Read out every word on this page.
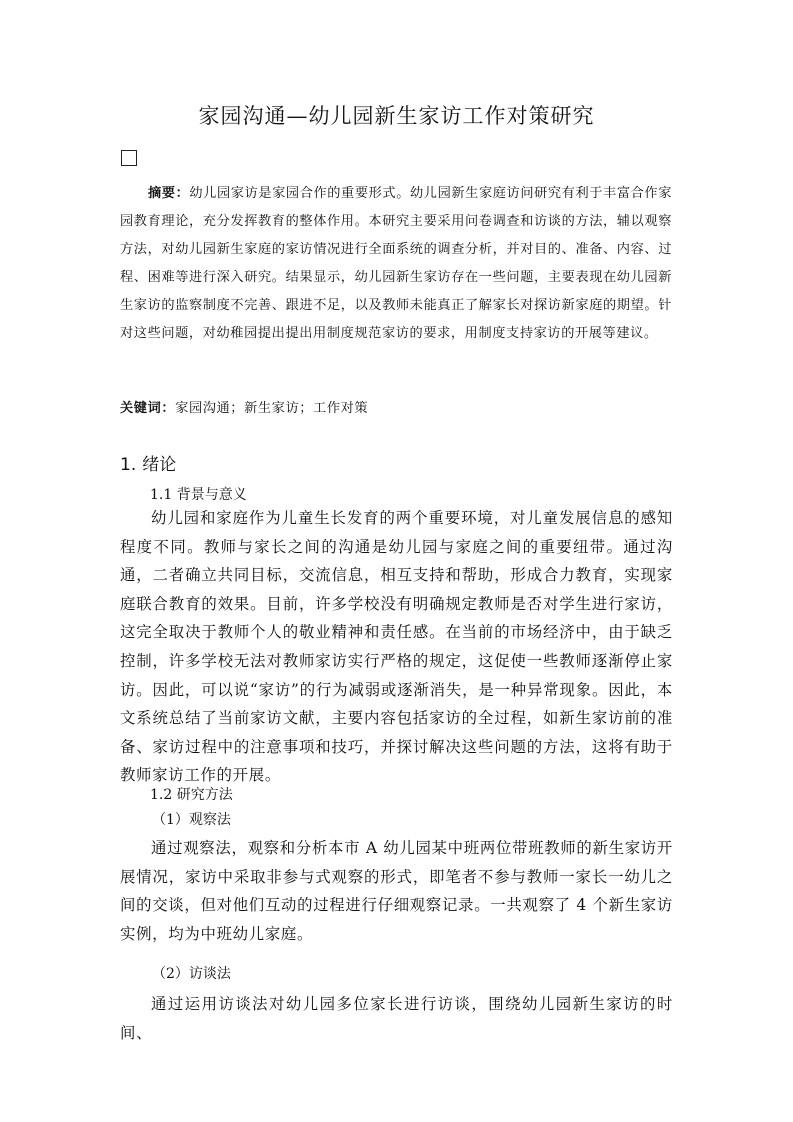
家园沟通—幼儿园新生家访工作对策研究

摘要：幼儿园家访是家园合作的重要形式。幼儿园新生家庭访问研究有利于丰富合作家园教育理论，充分发挥教育的整体作用。本研究主要采用问卷调查和访谈的方法，辅以观察方法，对幼儿园新生家庭的家访情况进行全面系统的调查分析，并对目的、准备、内容、过程、困难等进行深入研究。结果显示，幼儿园新生家访存在一些问题，主要表现在幼儿园新生家访的监察制度不完善、跟进不足，以及教师未能真正了解家长对探访新家庭的期望。针对这些问题，对幼稚园提出提出用制度规范家访的要求，用制度支持家访的开展等建议。

关键词：家园沟通；新生家访；工作对策

1. 绪论
1.1 背景与意义

幼儿园和家庭作为儿童生长发育的两个重要环境，对儿童发展信息的感知程度不同。教师与家长之间的沟通是幼儿园与家庭之间的重要纽带。通过沟通，二者确立共同目标，交流信息，相互支持和帮助，形成合力教育，实现家庭联合教育的效果。目前，许多学校没有明确规定教师是否对学生进行家访，这完全取决于教师个人的敬业精神和责任感。在当前的市场经济中，由于缺乏控制，许多学校无法对教师家访实行严格的规定，这促使一些教师逐渐停止家访。因此，可以说“家访”的行为减弱或逐渐消失，是一种异常现象。因此，本文系统总结了当前家访文献，主要内容包括家访的全过程，如新生家访前的准备、家访过程中的注意事项和技巧，并探讨解决这些问题的方法，这将有助于教师家访工作的开展。

1.2 研究方法
（1）观察法

通过观察法，观察和分析本市 A 幼儿园某中班两位带班教师的新生家访开展情况，家访中采取非参与式观察的形式，即笔者不参与教师一家长一幼儿之间的交谈，但对他们互动的过程进行仔细观察记录。一共观察了 4 个新生家访实例，均为中班幼儿家庭。

（2）访谈法

通过运用访谈法对幼儿园多位家长进行访谈，围绕幼儿园新生家访的时间、
